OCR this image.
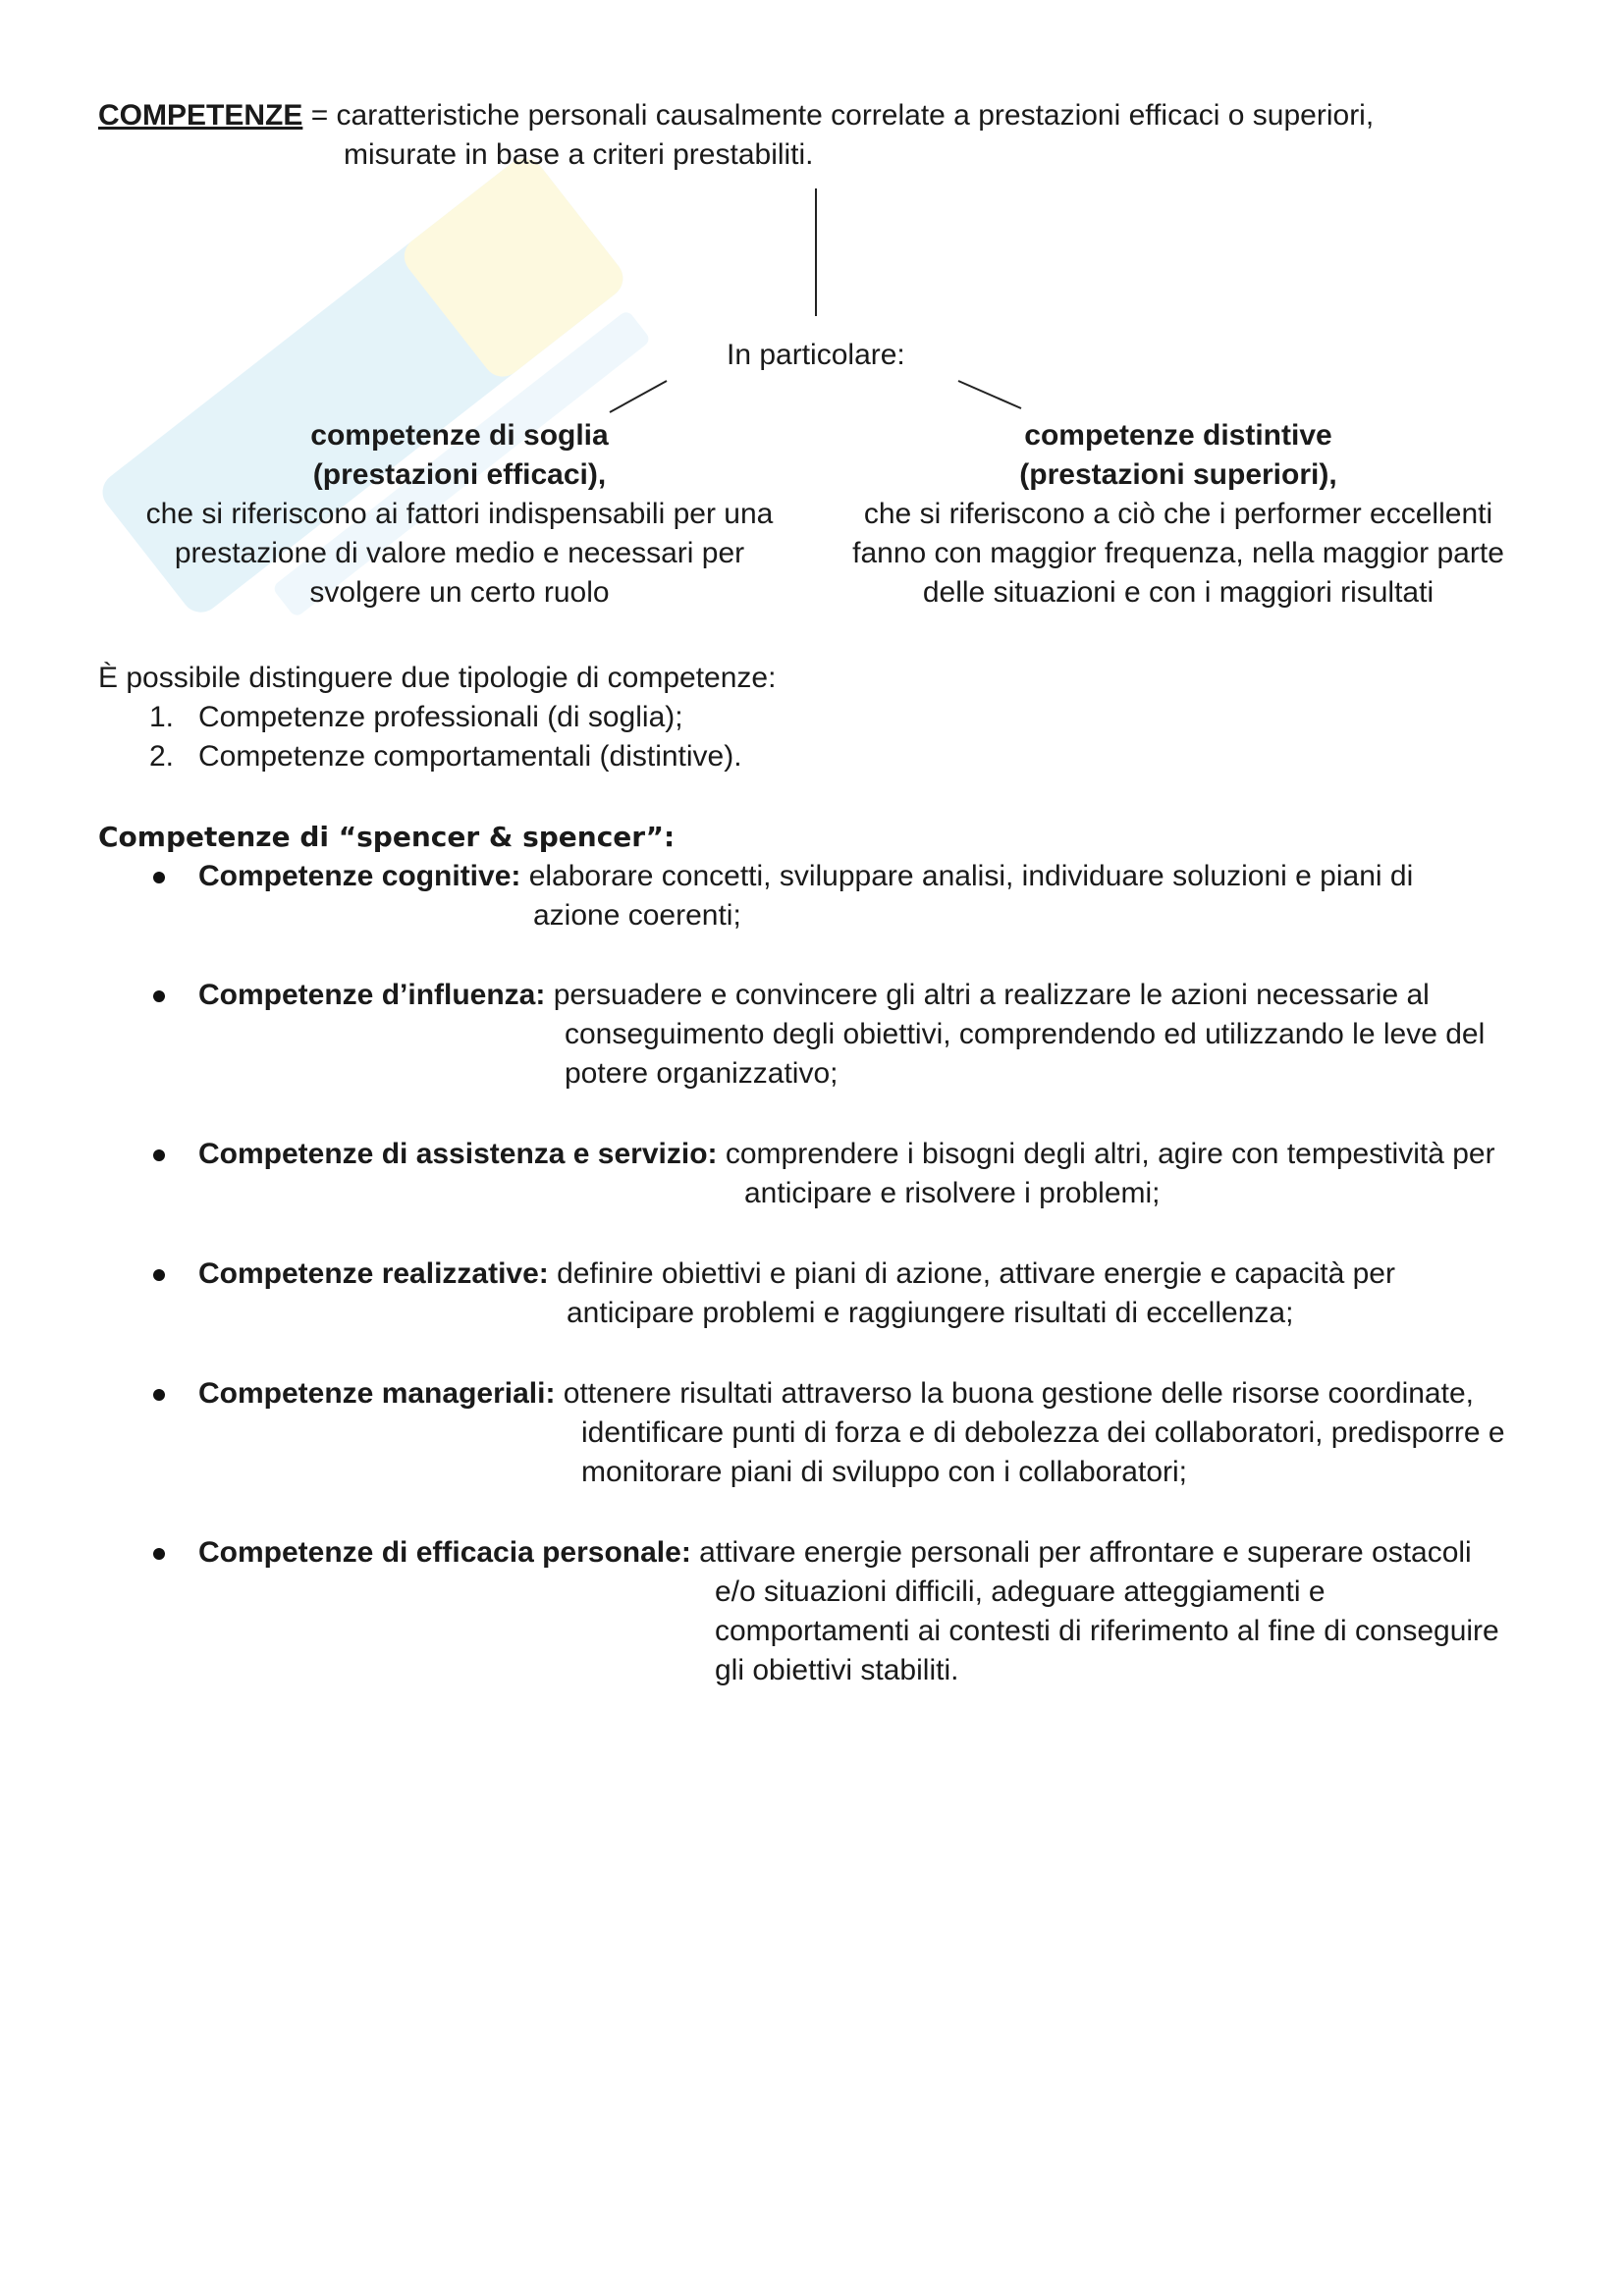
COMPETENZE = caratteristiche personali causalmente correlate a prestazioni efficaci o superiori,
misurate in base a criteri prestabiliti.
In particolare:
competenze di soglia
(prestazioni efficaci),
che si riferiscono ai fattori indispensabili per una
prestazione di valore medio e necessari per
svolgere un certo ruolo
competenze distintive
(prestazioni superiori),
che si riferiscono a ciò che i performer eccellenti
fanno con maggior frequenza, nella maggior parte
delle situazioni e con i maggiori risultati
È possibile distinguere due tipologie di competenze:
1. Competenze professionali (di soglia);
2. Competenze comportamentali (distintive).
Competenze di “spencer & spencer”:
Competenze cognitive: elaborare concetti, sviluppare analisi, individuare soluzioni e piani di
azione coerenti;
Competenze d’influenza: persuadere e convincere gli altri a realizzare le azioni necessarie al
conseguimento degli obiettivi, comprendendo ed utilizzando le leve del
potere organizzativo;
Competenze di assistenza e servizio: comprendere i bisogni degli altri, agire con tempestività per
anticipare e risolvere i problemi;
Competenze realizzative: definire obiettivi e piani di azione, attivare energie e capacità per
anticipare problemi e raggiungere risultati di eccellenza;
Competenze manageriali: ottenere risultati attraverso la buona gestione delle risorse coordinate,
identificare punti di forza e di debolezza dei collaboratori, predisporre e
monitorare piani di sviluppo con i collaboratori;
Competenze di efficacia personale: attivare energie personali per affrontare e superare ostacoli
e/o situazioni difficili, adeguare atteggiamenti e
comportamenti ai contesti di riferimento al fine di conseguire
gli obiettivi stabiliti.
